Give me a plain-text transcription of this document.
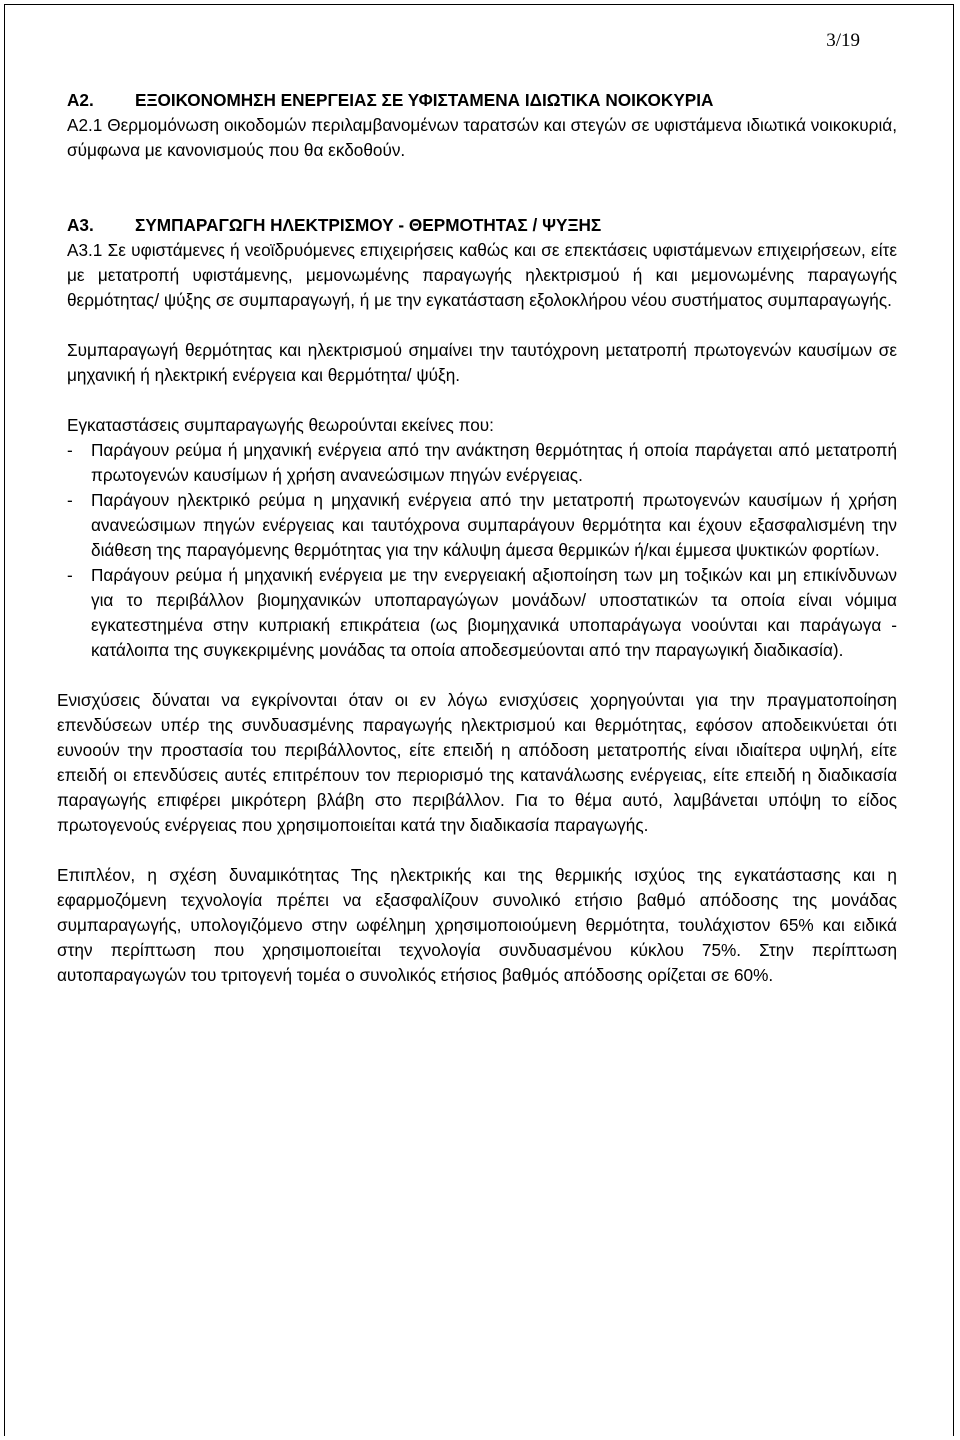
3/19
Α2. ΕΞΟΙΚΟΝΟΜΗΣΗ ΕΝΕΡΓΕΙΑΣ ΣΕ ΥΦΙΣΤΑΜΕΝΑ ΙΔΙΩΤΙΚΑ ΝΟΙΚΟΚΥΡΙΑ

Α2.1 Θερμομόνωση οικοδομών περιλαμβανομένων ταρατσών και στεγών σε υφιστάμενα ιδιωτικά νοικοκυριά, σύμφωνα με κανονισμούς που θα εκδοθούν.

Α3. ΣΥΜΠΑΡΑΓΩΓΗ ΗΛΕΚΤΡΙΣΜΟΥ - ΘΕΡΜΟΤΗΤΑΣ / ΨΥΞΗΣ

Α3.1 Σε υφιστάμενες ή νεοϊδρυόμενες επιχειρήσεις καθώς και σε επεκτάσεις υφιστάμενων επιχειρήσεων, είτε με μετατροπή υφιστάμενης, μεμονωμένης παραγωγής ηλεκτρισμού ή και μεμονωμένης παραγωγής θερμότητας/ ψύξης σε συμπαραγωγή, ή με την εγκατάσταση εξολοκλήρου νέου συστήματος συμπαραγωγής.

Συμπαραγωγή θερμότητας και ηλεκτρισμού σημαίνει την ταυτόχρονη μετατροπή πρωτογενών καυσίμων σε μηχανική ή ηλεκτρική ενέργεια και θερμότητα/ ψύξη.

Εγκαταστάσεις συμπαραγωγής θεωρούνται εκείνες που:

- Παράγουν ρεύμα ή μηχανική ενέργεια από την ανάκτηση θερμότητας ή οποία παράγεται από μετατροπή πρωτογενών καυσίμων ή χρήση ανανεώσιμων πηγών ενέργειας.
- Παράγουν ηλεκτρικό ρεύμα η μηχανική ενέργεια από την μετατροπή πρωτογενών καυσίμων ή χρήση ανανεώσιμων πηγών ενέργειας και ταυτόχρονα συμπαράγουν θερμότητα και έχουν εξασφαλισμένη την διάθεση της παραγόμενης θερμότητας για την κάλυψη άμεσα θερμικών ή/και έμμεσα ψυκτικών φορτίων.
- Παράγουν ρεύμα ή μηχανική ενέργεια με την ενεργειακή αξιοποίηση των μη τοξικών και μη επικίνδυνων για το περιβάλλον βιομηχανικών υποπαραγώγων μονάδων/ υποστατικών τα οποία είναι νόμιμα εγκατεστημένα στην κυπριακή επικράτεια (ως βιομηχανικά υποπαράγωγα νοούνται και παράγωγα - κατάλοιπα της συγκεκριμένης μονάδας τα οποία αποδεσμεύονται από την παραγωγική διαδικασία).

Ενισχύσεις δύναται να εγκρίνονται όταν οι εν λόγω ενισχύσεις χορηγούνται για την πραγματοποίηση επενδύσεων υπέρ της συνδυασμένης παραγωγής ηλεκτρισμού και θερμότητας, εφόσον αποδεικνύεται ότι ευνοούν την προστασία του περιβάλλοντος, είτε επειδή η απόδοση μετατροπής είναι ιδιαίτερα υψηλή, είτε επειδή οι επενδύσεις αυτές επιτρέπουν τον περιορισμό της κατανάλωσης ενέργειας, είτε επειδή η διαδικασία παραγωγής επιφέρει μικρότερη βλάβη στο περιβάλλον. Για το θέμα αυτό, λαμβάνεται υπόψη το είδος πρωτογενούς ενέργειας που χρησιμοποιείται κατά την διαδικασία παραγωγής.

Επιπλέον, η σχέση δυναμικότητας Της ηλεκτρικής και της θερμικής ισχύος της εγκατάστασης και η εφαρμοζόμενη τεχνολογία πρέπει να εξασφαλίζουν συνολικό ετήσιο βαθμό απόδοσης της μονάδας συμπαραγωγής, υπολογιζόμενο στην ωφέλημη χρησιμοποιούμενη θερμότητα, τουλάχιστον 65% και ειδικά στην περίπτωση που χρησιμοποιείται τεχνολογία συνδυασμένου κύκλου 75%. Στην περίπτωση αυτοπαραγωγών του τριτογενή τομέα ο συνολικός ετήσιος βαθμός απόδοσης ορίζεται σε 60%.
